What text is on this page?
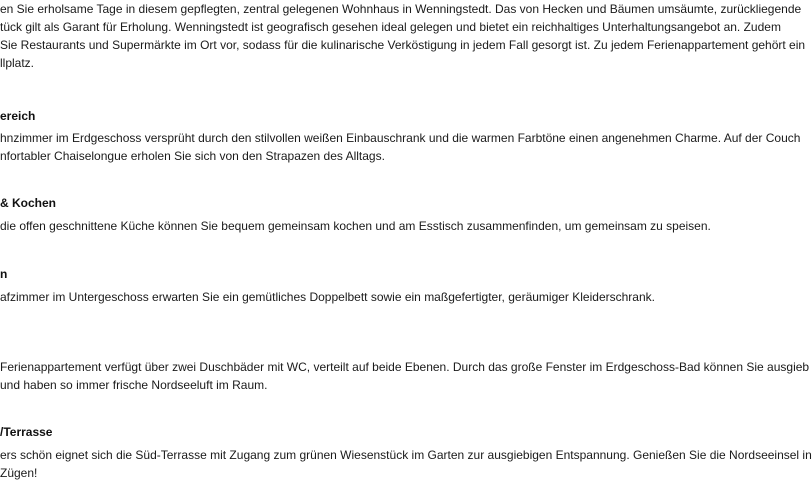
en Sie erholsame Tage in diesem gepflegten, zentral gelegenen Wohnhaus in Wenningstedt. Das von Hecken und Bäumen umsäumte, zurückliegende
tück gilt als Garant für Erholung. Wenningstedt ist geografisch gesehen ideal gelegen und bietet ein reichhaltiges Unterhaltungsangebot an. Zudem
Sie Restaurants und Supermärkte im Ort vor, sodass für die kulinarische Verköstigung in jedem Fall gesorgt ist. Zu jedem Ferienappartement gehört ein
llplatz.
ereich
hnzimmer im Erdgeschoss versprüht durch den stilvollen weißen Einbauschrank und die warmen Farbtöne einen angenehmen Charme. Auf der Couch
nfortabler Chaiselongue erholen Sie sich von den Strapazen des Alltags.
& Kochen
die offen geschnittene Küche können Sie bequem gemeinsam kochen und am Esstisch zusammenfinden, um gemeinsam zu speisen.
n
afzimmer im Untergeschoss erwarten Sie ein gemütliches Doppelbett sowie ein maßgefertigter, geräumiger Kleiderschrank.
Ferienappartement verfügt über zwei Duschbäder mit WC, verteilt auf beide Ebenen. Durch das große Fenster im Erdgeschoss-Bad können Sie ausgieb
und haben so immer frische Nordseeluft im Raum.
/Terrasse
ers schön eignet sich die Süd-Terrasse mit Zugang zum grünen Wiesenstück im Garten zur ausgiebigen Entspannung. Genießen Sie die Nordseeinsel in
Zügen!
